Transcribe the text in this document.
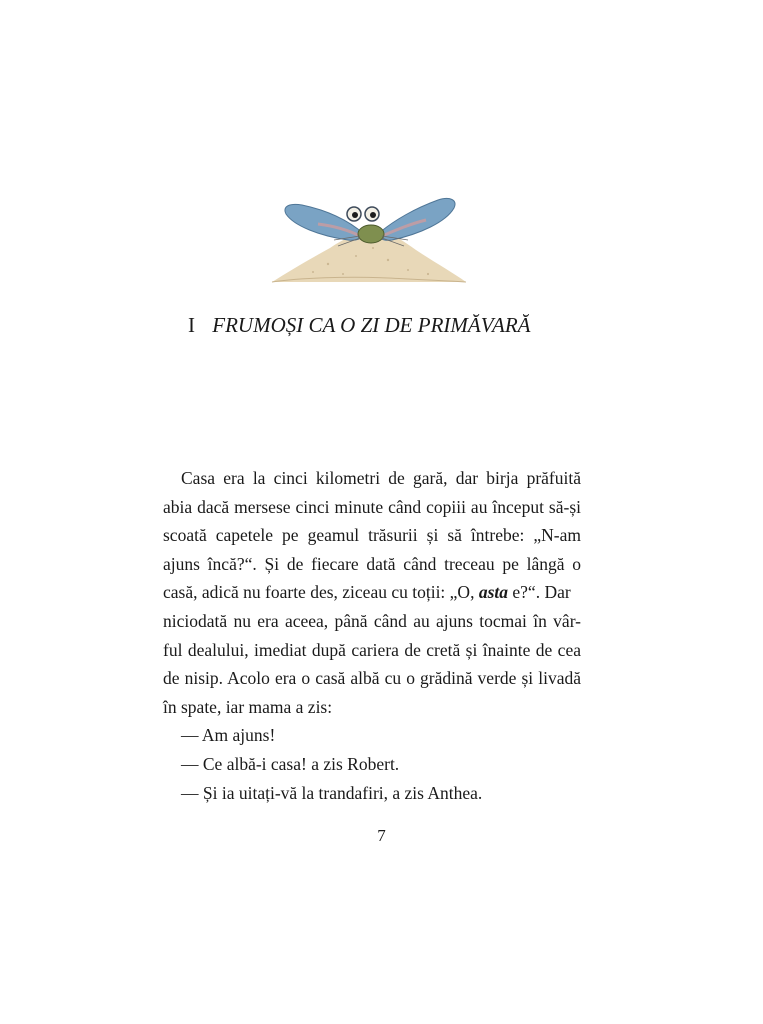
I FRUMOȘI CA O ZI DE PRIMĂVARĂ
Casa era la cinci kilometri de gară, dar birja prăfuită
abia dacă mersese cinci minute când copiii au început să-și
scoată capetele pe geamul trăsurii și să întrebe: „N-am
ajuns încă?“. Și de fiecare dată când treceau pe lângă o
casă, adică nu foarte des, ziceau cu toții: „O, asta e?“. Dar
niciodată nu era aceea, până când au ajuns tocmai în vâr-
ful dealului, imediat după cariera de cretă și înainte de cea
de nisip. Acolo era o casă albă cu o grădină verde și livadă
în spate, iar mama a zis:
— Am ajuns!
— Ce albă-i casa! a zis Robert.
— Și ia uitați-vă la trandafiri, a zis Anthea.
7
